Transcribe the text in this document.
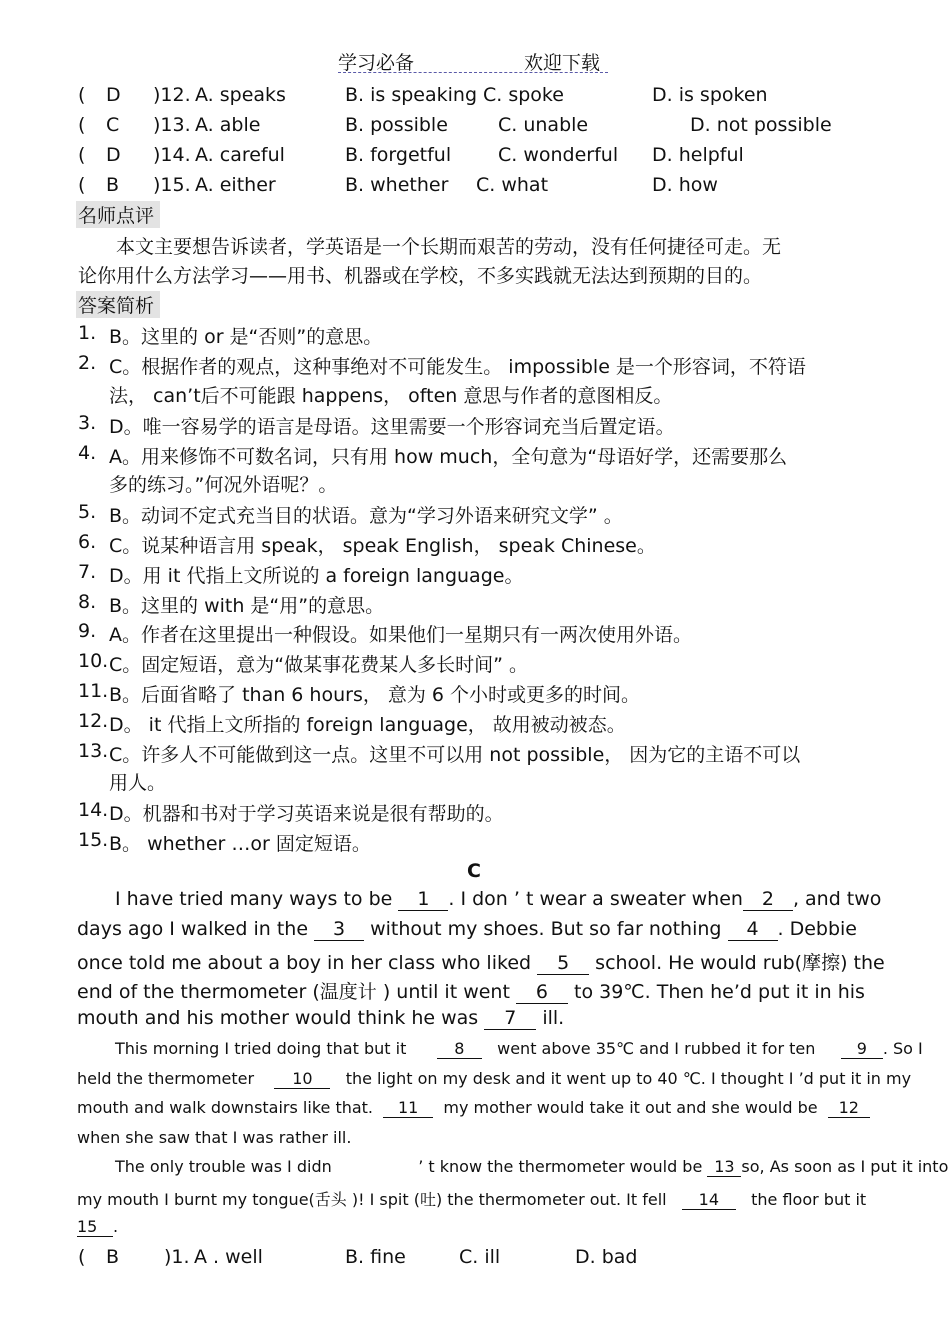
学习必备	欢迎下载
( D )12. A. speaks	B. is speaking C. spoke	D. is spoken
( C )13. A. able	B. possible	C. unable	D. not possible
( D )14. A. careful	B. forgetful C. wonderful D. helpful
( B )15. A. either	B. whether C. what	D. how
名师点评
本文主要想告诉读者，学英语是一个长期而艰苦的劳动，没有任何捷径可走。无
论你用什么方法学习——用书、机器或在学校，不多实践就无法达到预期的目的。
答案简析
1. B。这里的 or 是“否则”的意思。
2. C。根据作者的观点，这种事绝对不可能发生。 impossible 是一个形容词，不符语
法， can’t后不可能跟 happens， often 意思与作者的意图相反。
3. D。唯一容易学的语言是母语。这里需要一个形容词充当后置定语。
4. A。用来修饰不可数名词，只有用 how much，全句意为“母语好学，还需要那么
多的练习。”何况外语呢？。
5. B。动词不定式充当目的状语。意为“学习外语来研究文学” 。
6. C。说某种语言用 speak， speak English， speak Chinese。
7. D。用 it 代指上文所说的 a foreign language。
8. B。这里的 with 是“用”的意思。
9. A。作者在这里提出一种假设。如果他们一星期只有一两次使用外语。
10. C。固定短语，意为“做某事花费某人多长时间” 。
11. B。后面省略了 than 6 hours， 意为 6 个小时或更多的时间。
12. D。 it 代指上文所指的 foreign language， 故用被动被态。
13. C。许多人不可能做到这一点。这里不可以用 not possible， 因为它的主语不可以
用人。
14. D。机器和书对于学习英语来说是很有帮助的。
15. B。 whether …or 固定短语。
C
I have tried many ways to be 1 . I don ’ t wear a sweater when 2 , and two
days ago I walked in the 3 without my shoes. But so far nothing 4 . Debbie
once told me about a boy in her class who liked 5 school. He would rub(摩擦) the
end of the thermometer (温度计 ) until it went 6 to 39℃. Then he’d put it in his
mouth and his mother would think he was 7 ill.
This morning I tried doing that but it	8 went above 35℃ and I rubbed it for ten	9 . So I
held the thermometer 10 the light on my desk and it went up to 40 ℃. I thought I ’d put it in my
mouth and walk downstairs like that. 11 my mother would take it out and she would be 12
when she saw that I was rather ill.
The only trouble was I didn	’ t know the thermometer would be 13 so, As soon as I put it into
my mouth I burnt my tongue(舌头 )! I spit (吐) the thermometer out. It fell 14 the floor but it
15 .
( B )1. A . well	B. fine	C. ill	D. bad
